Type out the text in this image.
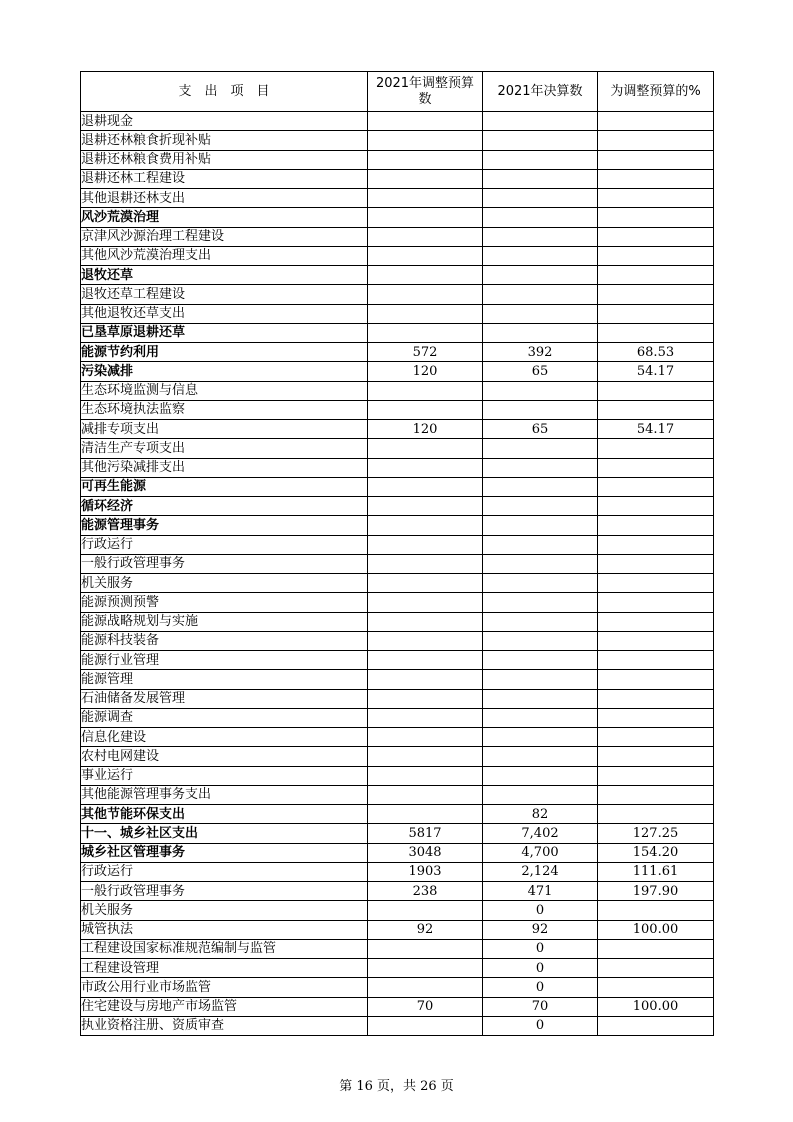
支　出　项　目	2021年调整预算数	2021年决算数	为调整预算的%
退耕现金			
退耕还林粮食折现补贴			
退耕还林粮食费用补贴			
退耕还林工程建设			
其他退耕还林支出			
风沙荒漠治理			
京津风沙源治理工程建设			
其他风沙荒漠治理支出			
退牧还草			
退牧还草工程建设			
其他退牧还草支出			
已垦草原退耕还草			
能源节约利用	572	392	68.53
污染减排	120	65	54.17
生态环境监测与信息			
生态环境执法监察			
减排专项支出	120	65	54.17
清洁生产专项支出			
其他污染减排支出			
可再生能源			
循环经济			
能源管理事务			
行政运行			
一般行政管理事务			
机关服务			
能源预测预警			
能源战略规划与实施			
能源科技装备			
能源行业管理			
能源管理			
石油储备发展管理			
能源调查			
信息化建设			
农村电网建设			
事业运行			
其他能源管理事务支出			
其他节能环保支出		82	
十一、城乡社区支出	5817	7,402	127.25
城乡社区管理事务	3048	4,700	154.20
行政运行	1903	2,124	111.61
一般行政管理事务	238	471	197.90
机关服务		0	
城管执法	92	92	100.00
工程建设国家标准规范编制与监管		0	
工程建设管理		0	
市政公用行业市场监管		0	
住宅建设与房地产市场监管	70	70	100.00
执业资格注册、资质审查		0	
第 16 页，共 26 页
